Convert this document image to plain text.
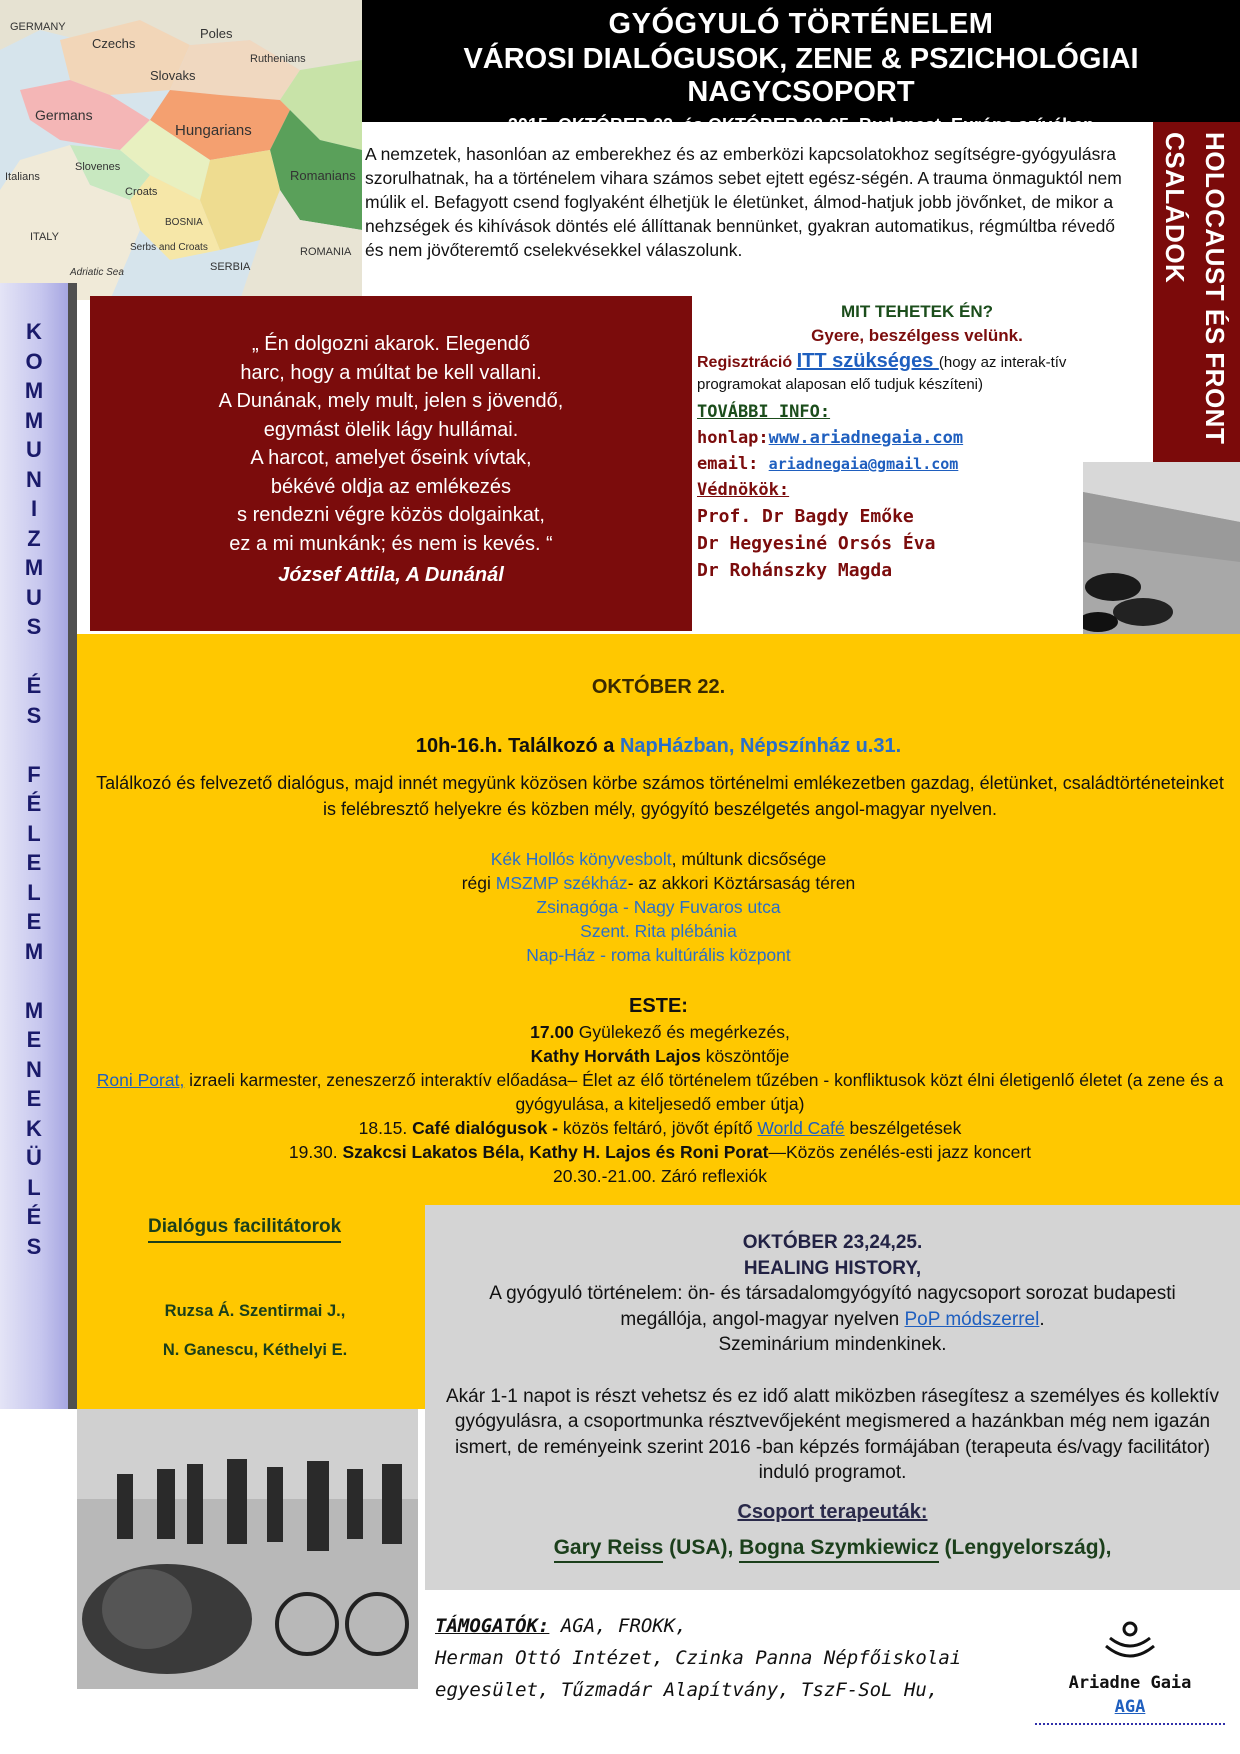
GERMANY
Czechs
Poles
Ruthenians
Slovaks
Germans
Hungarians
Slovenes
Croats
Romanians
Italians
Serbs and Croats
BOSNIA
SERBIA
ITALY
Adriatic Sea
ROMANIA
GYÓGYULÓ TÖRTÉNELEM
VÁROSI DIALÓGUSOK, ZENE & PSZICHOLÓGIAI NAGYCSOPORT
2015, OKTÓBER 22. és OKTÓBER 23-25. Budapest, Európa szívében
A nemzetek, hasonlóan az emberekhez és az emberközi kapcsolatokhoz segítségre-gyógyulásra szorulhatnak, ha a történelem vihara számos sebet ejtett egész-ségén. A trauma önmaguktól nem múlik el. Befagyott csend foglyaként élhetjük le életünket, álmod-hatjuk jobb jövőnket, de mikor a nehzségek és kihívások döntés elé állíttanak bennünket, gyakran automatikus, régmúltba révedő és nem jövőteremtő cselekvésekkel válaszolunk.	HOLOCAUST ÉS FRONT CSALÁDOK
K
O
M
M
U
N
I
Z
M
U
S
É
S
F
É
L
E
L
E
M
M
E
N
E
K
Ü
L
É
S
„ Én dolgozni akarok. Elegendő
harc, hogy a múltat be kell vallani.
A Dunának, mely mult, jelen s jövendő,
egymást ölelik lágy hullámai.
A harcot, amelyet őseink vívtak,
békévé oldja az emlékezés
s rendezni végre közös dolgainkat,
ez a mi munkánk; és nem is kevés. “
József Attila, A Dunánál
MIT TEHETEK ÉN?
Gyere, beszélgess velünk.
Regisztráció ITT szükséges (hogy az interak-tív programokat alaposan elő tudjuk készíteni)
TOVÁBBI INFO:
honlap:www.ariadnegaia.com
email: ariadnegaia@gmail.com
Védnökök:
Prof. Dr Bagdy Emőke
Dr Hegyesiné Orsós Éva
Dr Rohánszky Magda
OKTÓBER 22.
10h-16.h. Találkozó a NapHázban, Népszínház u.31.
Találkozó és felvezető dialógus, majd innét megyünk közösen körbe számos történelmi emlékezetben gazdag, életünket, családtörténeteinket is felébresztő helyekre és közben mély, gyógyító beszélgetés angol-magyar nyelven.
Kék Hollós könyvesbolt, múltunk dicsősége
régi MSZMP székház- az akkori Köztársaság téren
Zsinagóga - Nagy Fuvaros utca
Szent. Rita plébánia
Nap-Ház - roma kultúrális központ
ESTE:
17.00 Gyülekező és megérkezés,
Kathy Horváth Lajos köszöntője
Roni Porat, izraeli karmester, zeneszerző interaktív előadása– Élet az élő történelem tűzében - konfliktusok közt élni életigenlő életet (a zene és a gyógyulása, a kiteljesedő ember útja)
18.15. Café dialógusok - közös feltáró, jövőt építő World Café beszélgetések
19.30. Szakcsi Lakatos Béla, Kathy H. Lajos és Roni Porat—Közös zenélés-esti jazz koncert
20.30.-21.00. Záró reflexiók
Dialógus facilitátorok
Ruzsa Á. Szentirmai J.,
N. Ganescu, Kéthelyi E.
OKTÓBER 23,24,25.
HEALING HISTORY,
A gyógyuló történelem: ön- és társadalomgyógyító nagycsoport sorozat budapesti megállója, angol-magyar nyelven PoP módszerrel.
Szeminárium mindenkinek.
Akár 1-1 napot is részt vehetsz és ez idő alatt miközben rásegítesz a személyes és kollektív gyógyulásra, a csoportmunka résztvevőjeként megismered a hazánkban még nem igazán ismert, de reményeink szerint 2016 -ban képzés formájában (terapeuta és/vagy facilitátor) induló programot.
Csoport terapeuták:
Gary Reiss (USA), Bogna Szymkiewicz (Lengyelország),
TÁMOGATÓK: AGA, FROKK,
Herman Ottó Intézet, Czinka Panna Népfőiskolai
egyesület, Tűzmadár Alapítvány, TszF-SoL Hu,	Ariadne Gaia
AGA
